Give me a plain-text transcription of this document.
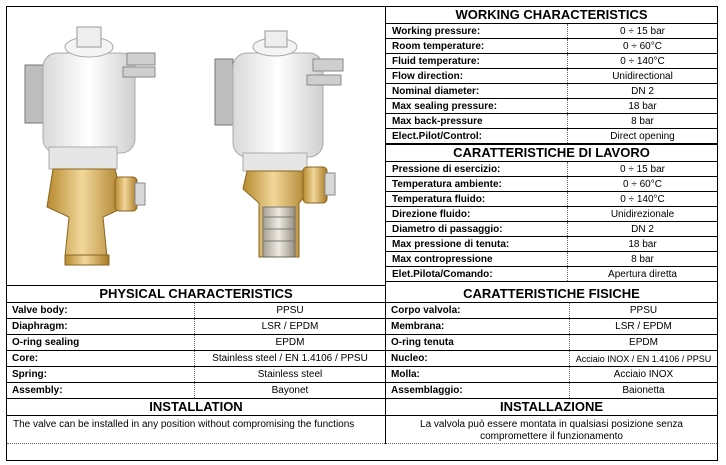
WORKING CHARACTERISTICS
Working pressure:	0 ÷ 15 bar
Room temperature:	0 ÷ 60°C
Fluid temperature:	0 ÷ 140°C
Flow direction:	Unidirectional
Nominal diameter:	DN 2
Max sealing pressure:	18 bar
Max back-pressure	8 bar
Elect.Pilot/Control:	Direct opening
CARATTERISTICHE DI LAVORO
Pressione di esercizio:	0 ÷ 15 bar
Temperatura ambiente:	0 ÷ 60°C
Temperatura fluido:	0 ÷ 140°C
Direzione fluido:	Unidirezionale
Diametro di passaggio:	DN 2
Max pressione di tenuta:	18 bar
Max contropressione	8 bar
Elet.Pilota/Comando:	Apertura diretta
PHYSICAL CHARACTERISTICS
Valve body:	PPSU
Diaphragm:	LSR / EPDM
O-ring sealing	EPDM
Core:	Stainless steel / EN 1.4106 / PPSU
Spring:	Stainless steel
Assembly:	Bayonet
INSTALLATION
The valve can be installed in any position without compromising the functions
CARATTERISTICHE FISICHE
Corpo valvola:	PPSU
Membrana:	LSR / EPDM
O-ring tenuta	EPDM
Nucleo:	Acciaio INOX / EN 1.4106 / PPSU
Molla:	Acciaio INOX
Assemblaggio:	Baionetta
INSTALLAZIONE
La valvola può essere montata in qualsiasi posizione senza compromettere il funzionamento
